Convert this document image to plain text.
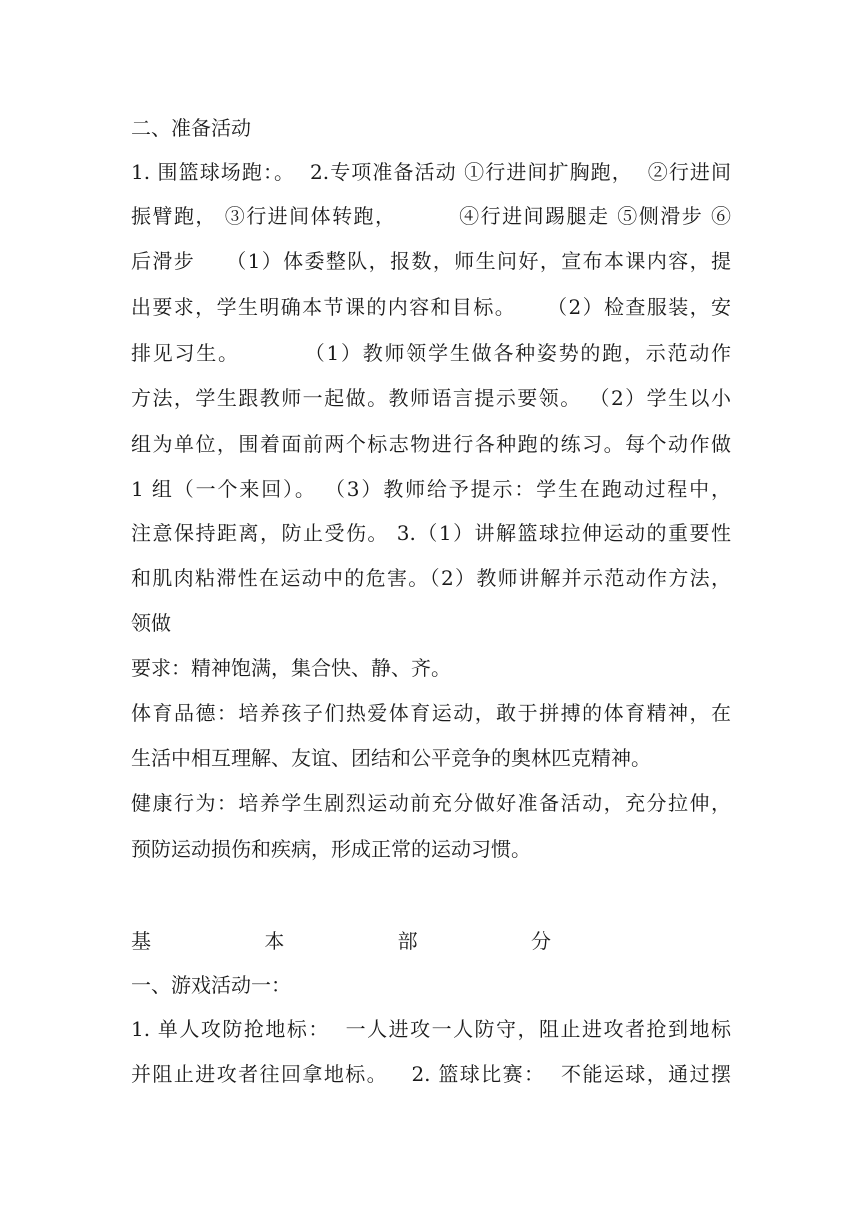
二、准备活动
1. 围篮球场跑：。  2.专项准备活动 ①行进间扩胸跑，  ②行进间
振臂跑， ③行进间体转跑，        ④行进间踢腿走 ⑤侧滑步 ⑥
后滑步    （1）体委整队，报数，师生问好，宣布本课内容，提
出要求，学生明确本节课的内容和目标。    （2）检查服装，安
排见习生。        （1）教师领学生做各种姿势的跑，示范动作
方法，学生跟教师一起做。教师语言提示要领。 （2）学生以小
组为单位，围着面前两个标志物进行各种跑的练习。每个动作做
1 组（一个来回）。 （3）教师给予提示：学生在跑动过程中，
注意保持距离，防止受伤。 3.（1）讲解篮球拉伸运动的重要性
和肌肉粘滞性在运动中的危害。（2）教师讲解并示范动作方法，
领做
要求：精神饱满，集合快、静、齐。
体育品德：培养孩子们热爱体育运动，敢于拼搏的体育精神，在
生活中相互理解、友谊、团结和公平竞争的奥林匹克精神。
健康行为：培养学生剧烈运动前充分做好准备活动，充分拉伸，
预防运动损伤和疾病，形成正常的运动习惯。
基	本	部	分
一、游戏活动一：
1. 单人攻防抢地标：  一人进攻一人防守，阻止进攻者抢到地标
并阻止进攻者往回拿地标。   2. 篮球比赛：  不能运球，通过摆
